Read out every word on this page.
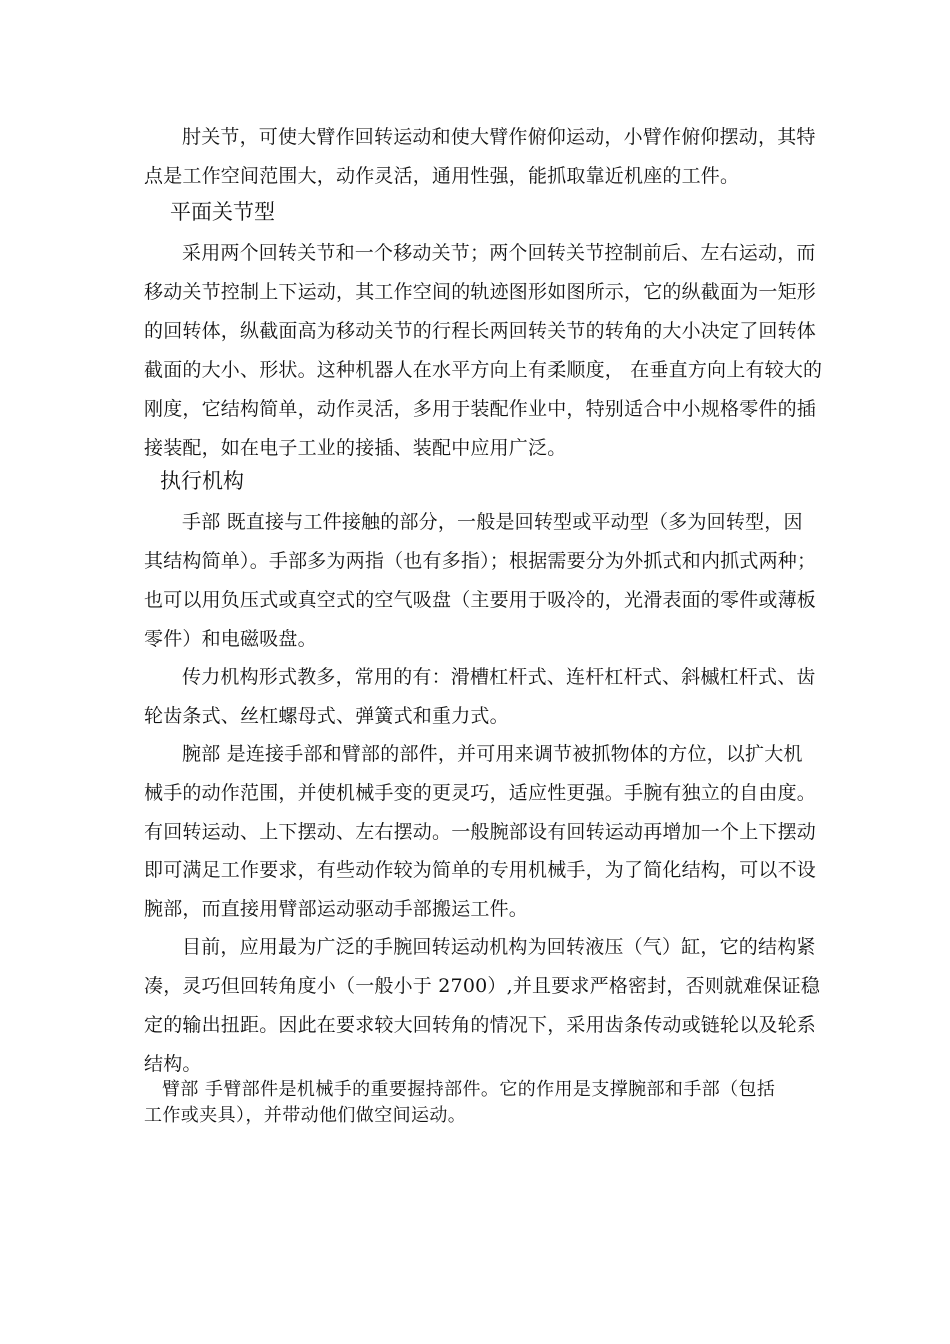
肘关节，可使大臂作回转运动和使大臂作俯仰运动，小臂作俯仰摆动，其特
点是工作空间范围大，动作灵活，通用性强，能抓取靠近机座的工件。
平面关节型
采用两个回转关节和一个移动关节；两个回转关节控制前后、左右运动，而
移动关节控制上下运动，其工作空间的轨迹图形如图所示，它的纵截面为一矩形
的回转体，纵截面高为移动关节的行程长两回转关节的转角的大小决定了回转体
截面的大小、形状。这种机器人在水平方向上有柔顺度， 在垂直方向上有较大的
刚度，它结构简单，动作灵活，多用于装配作业中，特别适合中小规格零件的插
接装配，如在电子工业的接插、装配中应用广泛。
执行机构
手部 既直接与工件接触的部分，一般是回转型或平动型（多为回转型，因
其结构简单）。手部多为两指（也有多指）；根据需要分为外抓式和内抓式两种；
也可以用负压式或真空式的空气吸盘（主要用于吸冷的，光滑表面的零件或薄板
零件）和电磁吸盘。
传力机构形式教多，常用的有：滑槽杠杆式、连杆杠杆式、斜槭杠杆式、齿
轮齿条式、丝杠螺母式、弹簧式和重力式。
腕部 是连接手部和臂部的部件，并可用来调节被抓物体的方位，以扩大机
械手的动作范围，并使机械手变的更灵巧，适应性更强。手腕有独立的自由度。
有回转运动、上下摆动、左右摆动。一般腕部设有回转运动再增加一个上下摆动
即可满足工作要求，有些动作较为简单的专用机械手，为了简化结构，可以不设
腕部，而直接用臂部运动驱动手部搬运工件。
目前，应用最为广泛的手腕回转运动机构为回转液压（气）缸，它的结构紧
凑，灵巧但回转角度小（一般小于 2700）,并且要求严格密封，否则就难保证稳
定的输出扭距。因此在要求较大回转角的情况下，采用齿条传动或链轮以及轮系
结构。
臂部 手臂部件是机械手的重要握持部件。它的作用是支撑腕部和手部（包括
工作或夹具），并带动他们做空间运动。
